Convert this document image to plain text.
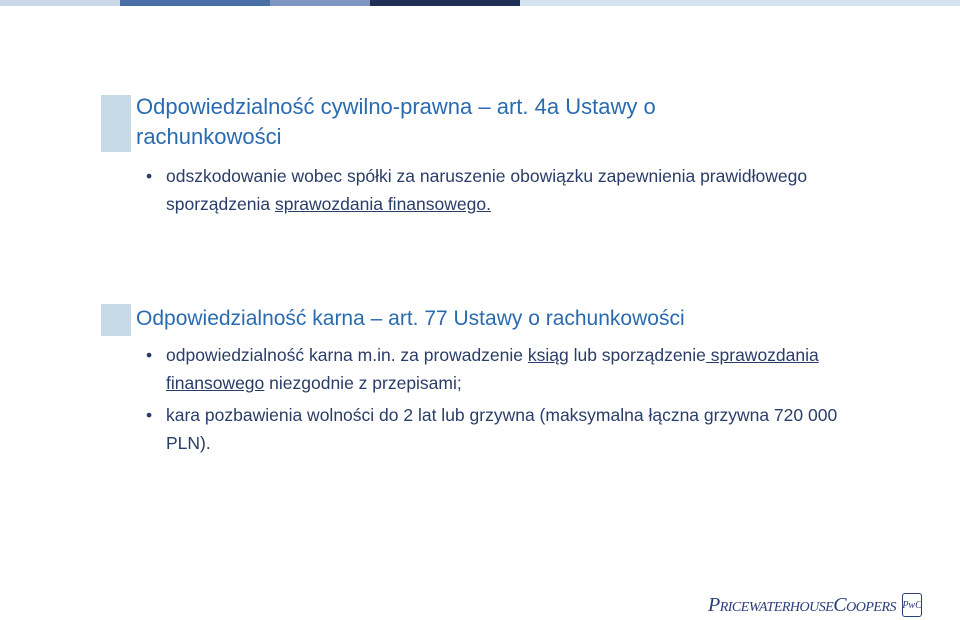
Odpowiedzialność cywilno-prawna – art. 4a Ustawy o rachunkowości
• odszkodowanie wobec spółki za naruszenie obowiązku zapewnienia prawidłowego sporządzenia sprawozdania finansowego.
Odpowiedzialność karna – art. 77 Ustawy o rachunkowości
• odpowiedzialność karna m.in. za prowadzenie ksiąg lub sporządzenie sprawozdania finansowego niezgodnie z przepisami;
• kara pozbawienia wolności do 2 lat lub grzywna (maksymalna łączna grzywna 720 000 PLN).
PricewaterhouseCoopers PwC
